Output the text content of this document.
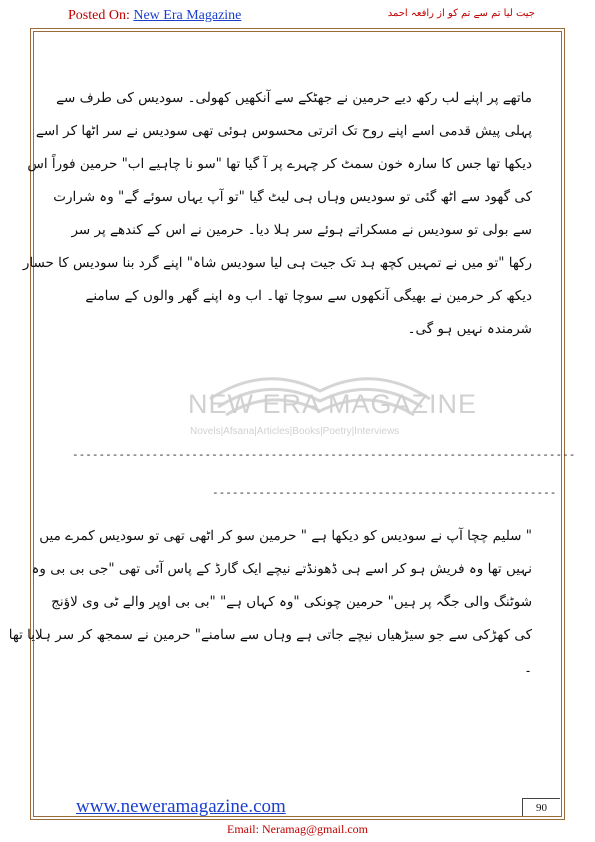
Posted On: New Era Magazine	جیت لیا تم سے تم کو از رافعہ احمد
NEW ERA MAGAZINE
Novels|Afsana|Articles|Books|Poetry|Interviews
ماتھے پر اپنے لب رکھ دیے حرمین نے جھٹکے سے آنکھیں کھولی۔ سودیس کی طرف سے
پہلی پیش قدمی اسے اپنے روح تک اترتی محسوس ہوئی تھی سودیس نے سر اٹھا کر اسے
دیکھا تھا جس کا سارہ خون سمٹ کر چہرے پر آ گیا تھا "سو نا چاہیے اب" حرمین فوراً اس
کی گھود سے اٹھ گئی تو سودیس وہاں ہی لیٹ گیا "تو آپ یہاں سوئے گے" وہ شرارت
سے بولی تو سودیس نے مسکراتے ہوئے سر ہلا دیا۔ حرمین نے اس کے کندھے پر سر
رکھا "تو میں نے تمہیں کچھ ہد تک جیت ہی لیا سودیس شاہ" اپنے گرد بنا سودیس کا حسار
دیکھ کر حرمین نے بھیگی آنکھوں سے سوچا تھا۔ اب وہ اپنے گھر والوں کے سامنے
شرمندہ نہیں ہو گی۔
----------------------------------------------------------------------------
----------------------------------------------------
" سلیم چچا آپ نے سودیس کو دیکھا ہے " حرمین سو کر اٹھی تھی تو سودیس کمرے میں
نہیں تھا وہ فریش ہو کر اسے ہی ڈھونڈتے نیچے ایک گارڈ کے پاس آئی تھی "جی بی بی وہ
شوٹنگ والی جگہ پر ہیں" حرمین چونکی "وہ کہاں ہے" "بی بی اوپر والے ٹی وی لاؤنج
کی کھڑکی سے جو سیڑھیاں نیچے جاتی ہے وہاں سے سامنے" حرمین نے سمجھ کر سر ہلایا تھا
۔
www.neweramagazine.com	90
Email: Neramag@gmail.com
